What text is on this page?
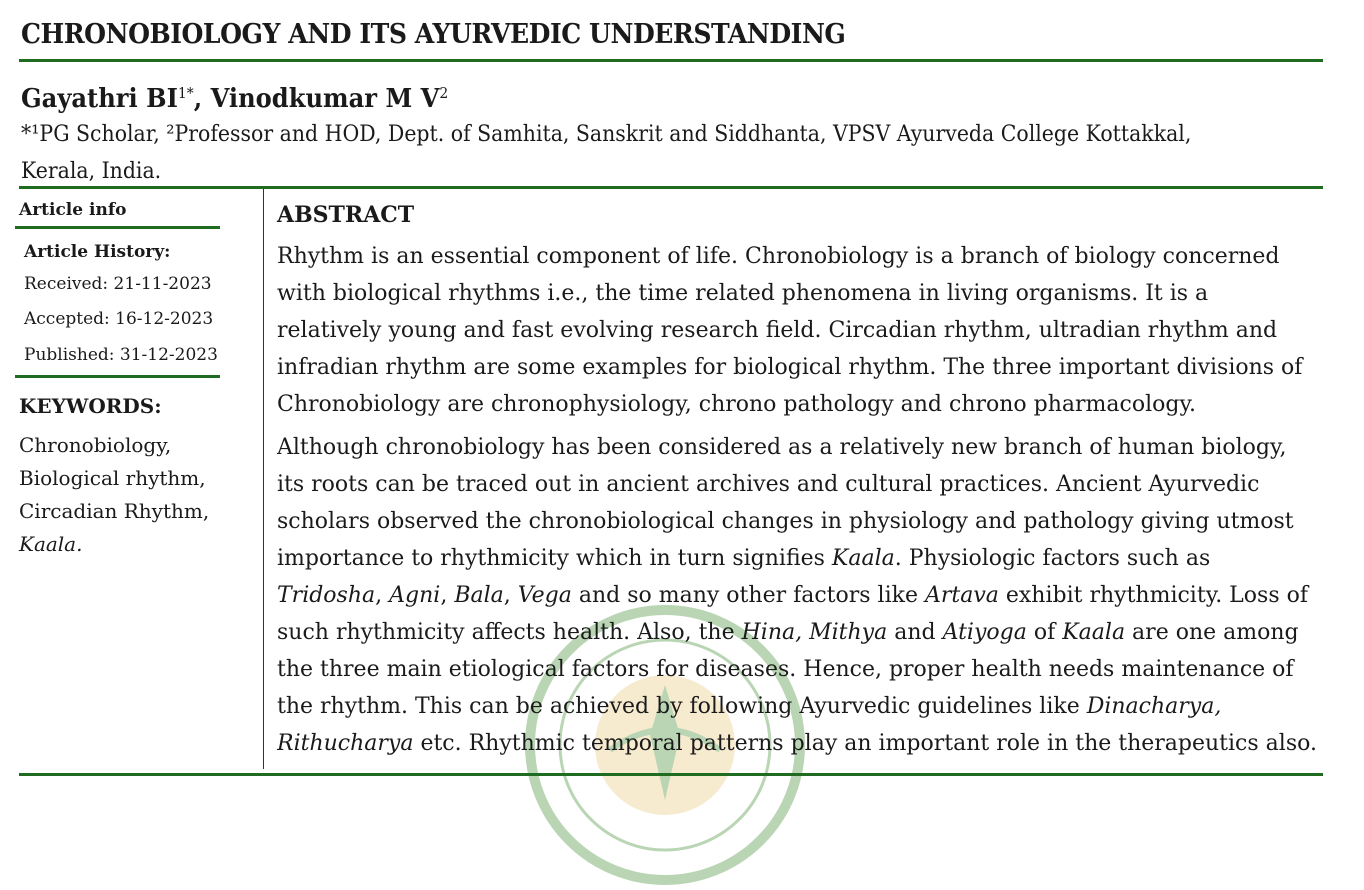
CHRONOBIOLOGY AND ITS AYURVEDIC UNDERSTANDING
Gayathri $BI^{1*}$, Vinodkumar M $V^2$
*¹PG Scholar, ²Professor and HOD, Dept. of Samhita, Sanskrit and Siddhanta, VPSV Ayurveda College Kottakkal,
Kerala, India.
Article info
Article History:
Received: 21-11-2023
Accepted: 16-12-2023
Published: 31-12-2023
KEYWORDS:
Chronobiology,
Biological rhythm,
Circadian Rhythm,
Kaala.
ABSTRACT
Rhythm is an essential component of life. Chronobiology is a branch of biology concerned
with biological rhythms i.e., the time related phenomena in living organisms. It is a
relatively young and fast evolving research field. Circadian rhythm, ultradian rhythm and
infradian rhythm are some examples for biological rhythm. The three important divisions of
Chronobiology are chronophysiology, chrono pathology and chrono pharmacology.
Although chronobiology has been considered as a relatively new branch of human biology,
its roots can be traced out in ancient archives and cultural practices. Ancient Ayurvedic
scholars observed the chronobiological changes in physiology and pathology giving utmost
importance to rhythmicity which in turn signifies Kaala. Physiologic factors such as
Tridosha, Agni, Bala, Vega and so many other factors like Artava exhibit rhythmicity. Loss of
such rhythmicity affects health. Also, the Hina, Mithya and Atiyoga of Kaala are one among
the three main etiological factors for diseases. Hence, proper health needs maintenance of
the rhythm. This can be achieved by following Ayurvedic guidelines like Dinacharya,
Rithucharya etc. Rhythmic temporal patterns play an important role in the therapeutics also.
